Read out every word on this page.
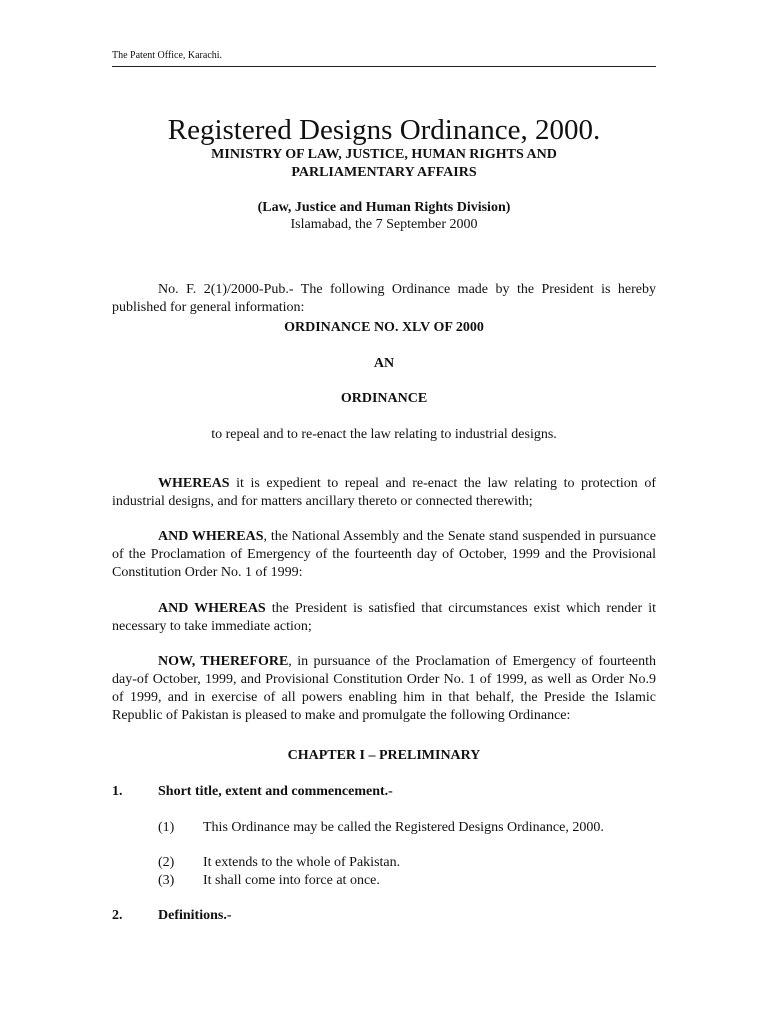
The Patent Office, Karachi.
Registered Designs Ordinance, 2000.
MINISTRY OF LAW, JUSTICE, HUMAN RIGHTS AND
PARLIAMENTARY AFFAIRS
(Law, Justice and Human Rights Division)
Islamabad, the 7 September 2000

No. F. 2(1)/2000-Pub.- The following Ordinance made by the President is hereby published for general information:

ORDINANCE NO. XLV OF 2000
AN
ORDINANCE
to repeal and to re-enact the law relating to industrial designs.

WHEREAS it is expedient to repeal and re-enact the law relating to protection of industrial designs, and for matters ancillary thereto or connected therewith;

AND WHEREAS, the National Assembly and the Senate stand suspended in pursuance of the Proclamation of Emergency of the fourteenth day of October, 1999 and the Provisional Constitution Order No. 1 of 1999:

AND WHEREAS the President is satisfied that circumstances exist which render it necessary to take immediate action;

NOW, THEREFORE, in pursuance of the Proclamation of Emergency of fourteenth day-of October, 1999, and Provisional Constitution Order No. 1 of 1999, as well as Order No.9 of 1999, and in exercise of all powers enabling him in that behalf, the Preside the Islamic Republic of Pakistan is pleased to make and promulgate the following Ordinance:

CHAPTER I – PRELIMINARY
1.	Short title, extent and commencement.-
(1) This Ordinance may be called the Registered Designs Ordinance, 2000.
(2) It extends to the whole of Pakistan.
(3) It shall come into force at once.
2.	Definitions.-
